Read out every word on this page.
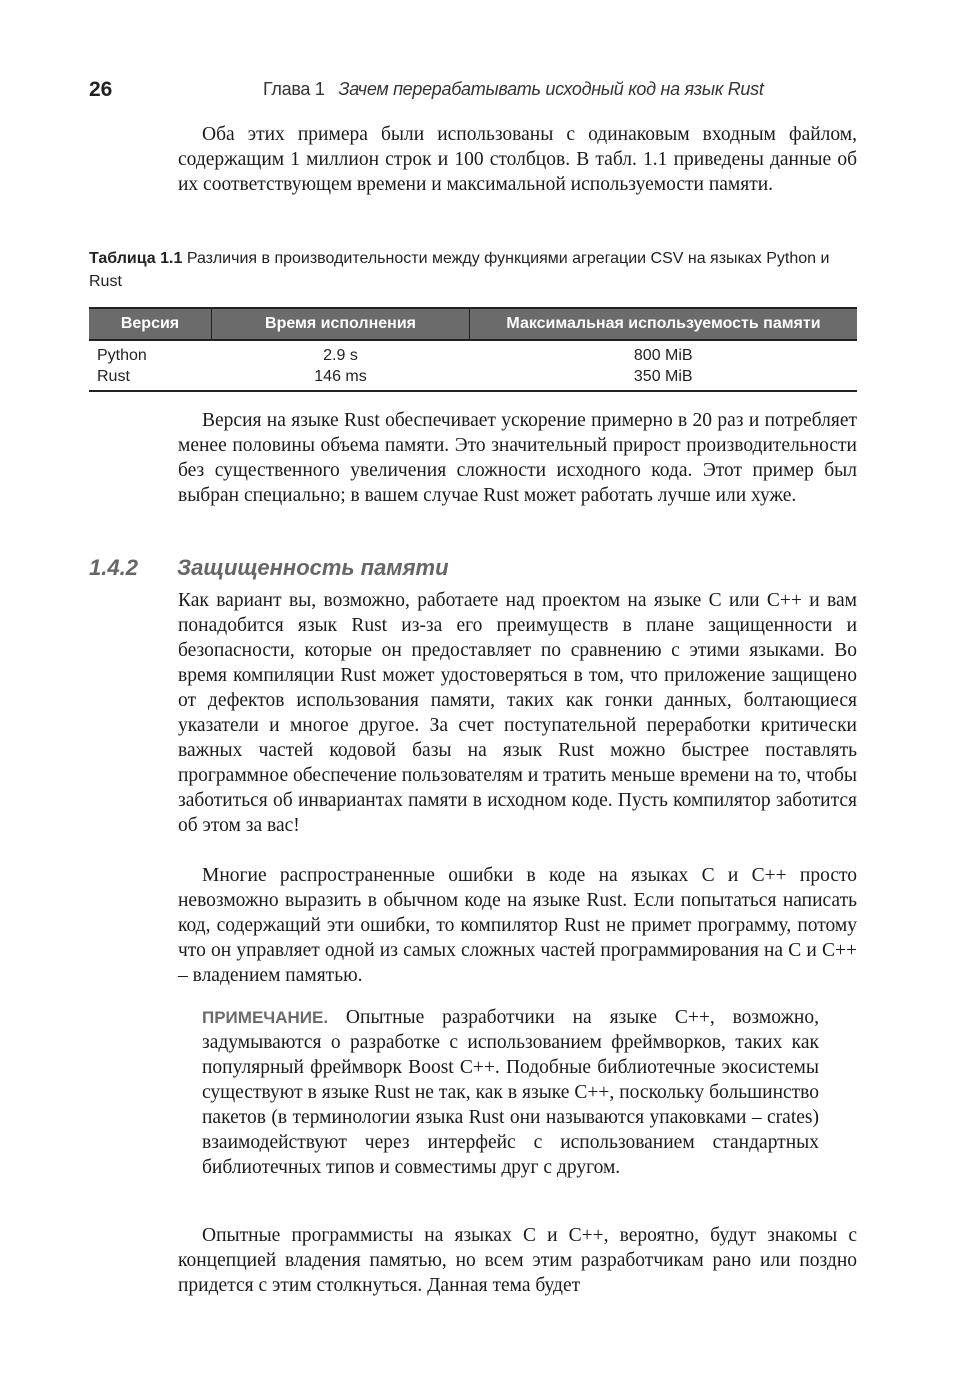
26	Глава 1 Зачем перерабатывать исходный код на язык Rust

Оба этих примера были использованы с одинаковым входным файлом, содержащим 1 миллион строк и 100 столбцов. В табл. 1.1 приведены данные об их соответствующем времени и максимальной используемости памяти.

Таблица 1.1 Различия в производительности между функциями агрегации CSV на языках Python и Rust
Версия	Время исполнения	Максимальная используемость памяти
Python	2.9 s	800 MiB
Rust	146 ms	350 MiB

Версия на языке Rust обеспечивает ускорение примерно в 20 раз и потребляет менее половины объема памяти. Это значительный прирост производительности без существенного увеличения сложности исходного кода. Этот пример был выбран специально; в вашем случае Rust может работать лучше или хуже.

1.4.2 Защищенность памяти

Как вариант вы, возможно, работаете над проектом на языке C или C++ и вам понадобится язык Rust из-за его преимуществ в плане защищенности и безопасности, которые он предоставляет по сравнению с этими языками. Во время компиляции Rust может удостоверяться в том, что приложение защищено от дефектов использования памяти, таких как гонки данных, болтающиеся указатели и многое другое. За счет поступательной переработки критически важных частей кодовой базы на язык Rust можно быстрее поставлять программное обеспечение пользователям и тратить меньше времени на то, чтобы заботиться об инвариантах памяти в исходном коде. Пусть компилятор заботится об этом за вас!

Многие распространенные ошибки в коде на языках C и C++ просто невозможно выразить в обычном коде на языке Rust. Если попытаться написать код, содержащий эти ошибки, то компилятор Rust не примет программу, потому что он управляет одной из самых сложных частей программирования на C и C++ – владением памятью.

ПРИМЕЧАНИЕ. Опытные разработчики на языке C++, возможно, задумываются о разработке с использованием фреймворков, таких как популярный фреймворк Boost C++. Подобные библиотечные экосистемы существуют в языке Rust не так, как в языке C++, поскольку большинство пакетов (в терминологии языка Rust они называются упаковками – crates) взаимодействуют через интерфейс с использованием стандартных библиотечных типов и совместимы друг с другом.

Опытные программисты на языках C и C++, вероятно, будут знакомы с концепцией владения памятью, но всем этим разработчикам рано или поздно придется с этим столкнуться. Данная тема будет
